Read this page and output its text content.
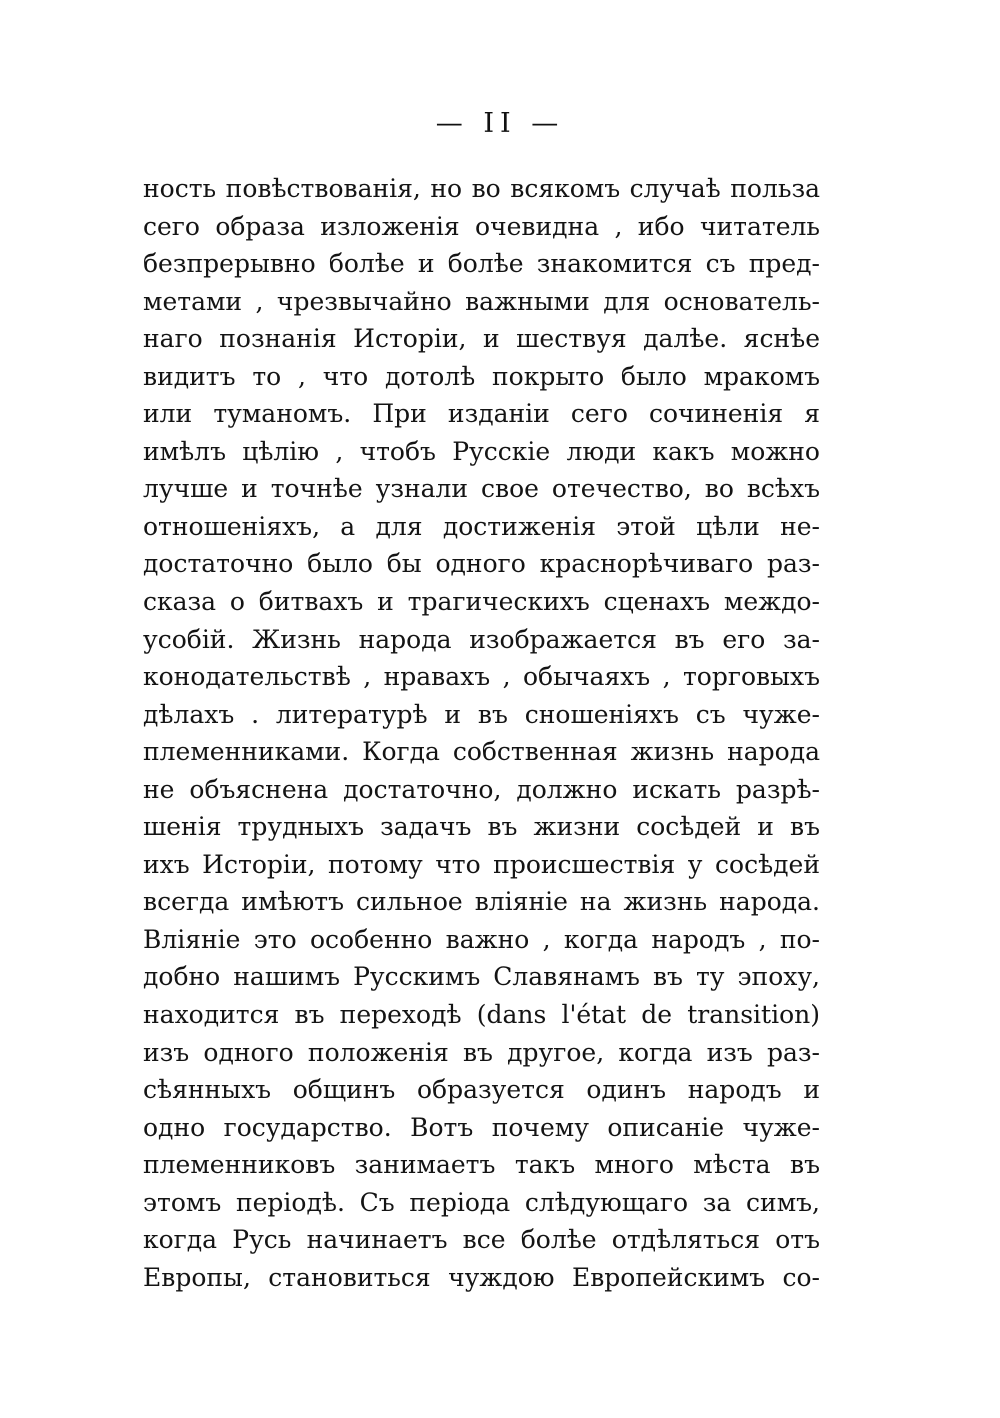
— II —
ность повѣствованія, но во всякомъ случаѣ польза
сего образа изложенія очевидна , ибо читатель
безпрерывно болѣе и болѣе знакомится съ пред-
метами , чрезвычайно важными для основатель-
наго познанія Исторіи, и шествуя далѣе. яснѣе
видитъ то , что дотолѣ покрыто было мракомъ
или туманомъ. При изданіи сего сочиненія я
имѣлъ цѣлію , чтобъ Русскіе люди какъ можно
лучше и точнѣе узнали свое отечество, во всѣхъ
отношеніяхъ, а для достиженія этой цѣли не-
достаточно было бы одного краснорѣчиваго раз-
сказа о битвахъ и трагическихъ сценахъ междо-
усобій. Жизнь народа изображается въ его за-
конодательствѣ , нравахъ , обычаяхъ , торговыхъ
дѣлахъ . литературѣ и въ сношеніяхъ съ чуже-
племенниками. Когда собственная жизнь народа
не объяснена достаточно, должно искать разрѣ-
шенія трудныхъ задачъ въ жизни сосѣдей и въ
ихъ Исторіи, потому что происшествія у сосѣдей
всегда имѣютъ сильное вліяніе на жизнь народа.
Вліяніе это особенно важно , когда народъ , по-
добно нашимъ Русскимъ Славянамъ въ ту эпоху,
находится въ переходѣ (dans l'état de transition)
изъ одного положенія въ другое, когда изъ раз-
сѣянныхъ общинъ образуется одинъ народъ и
одно государство. Вотъ почему описаніе чуже-
племенниковъ занимаетъ такъ много мѣста въ
этомъ періодѣ. Съ періода слѣдующаго за симъ,
когда Русь начинаетъ все болѣе отдѣляться отъ
Европы, становиться чуждою Европейскимъ со-
